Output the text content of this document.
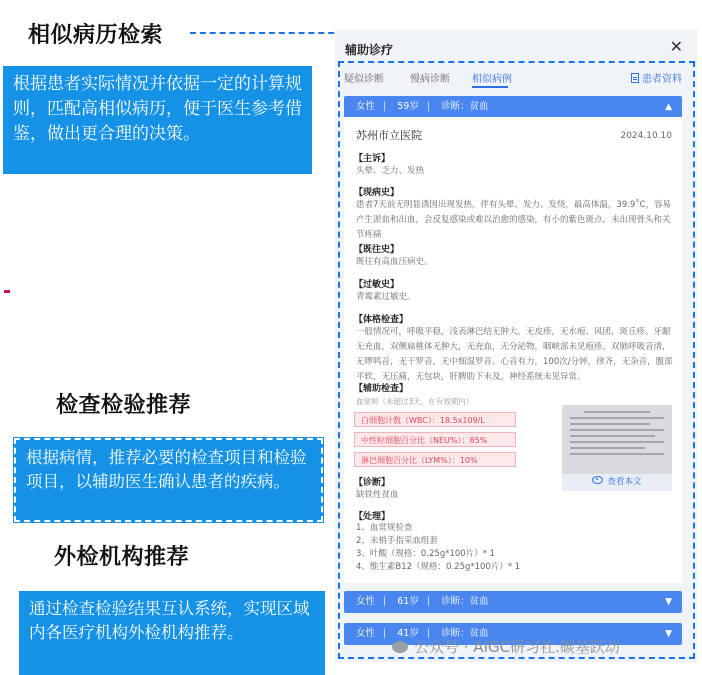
相似病历检索
根据患者实际情况并依据一定的计算规则，匹配高相似病历，便于医生参考借鉴，做出更合理的决策。
检查检验推荐
根据病情，推荐必要的检查项目和检验项目，以辅助医生确认患者的疾病。
外检机构推荐
通过检查检验结果互认系统，实现区域内各医疗机构外检机构推荐。
辅助诊疗	✕
疑似诊断	慢病诊断 相似病例	患者资料
女性 | 59岁 | 诊断：贫血	▲
苏州市立医院	2024.10.10
【主诉】
头晕、乏力、发热
【现病史】
患者7天前无明显诱因出现发热，伴有头晕、发力、发绕，最高体温，39.9˚C，容易产生淤血和出血，会反复感染或难以治愈的感染，有小的紫色斑点，未出现骨头和关节疼痛
【既往史】
既往有高血压病史。
【过敏史】
青霉素过敏史。
【体格检查】
一般情况可，呼吸平稳，浅表淋巴结无肿大，无皮疹，无水疱、风团，斑丘疹。牙龈无充血，双侧扁桃体无肿大，无充血，无分泌物，咽峡部未见疱疹，双肺呼吸音清，无啰鸣音，无干罗音，无中细湿罗音。心音有力，100次/分钟，律齐，无杂音，腹部平软，无压痛，无包块，肝脾肋下未及，神经系统未见异常。
【辅助检查】
血常规（未超过3天，在有效期内）
白细胞计数（WBC）：18.5x109/L
中性粒细胞百分比（NEU%）：85%
淋巴细胞百分比（LYM%）：10%
查看本文
【诊断】
缺铁性贫血
【处理】
1、血常规检查
2、末梢手指采血组套
3、叶酸（规格：0.25g*100片）* 1
4、维生素B12（规格：0.25g*100片）* 1
女性 | 61岁 | 诊断：贫血	▼
女性 | 41岁 | 诊断：贫血	▼
公众号 · AIGC研习社.碳基跃动
